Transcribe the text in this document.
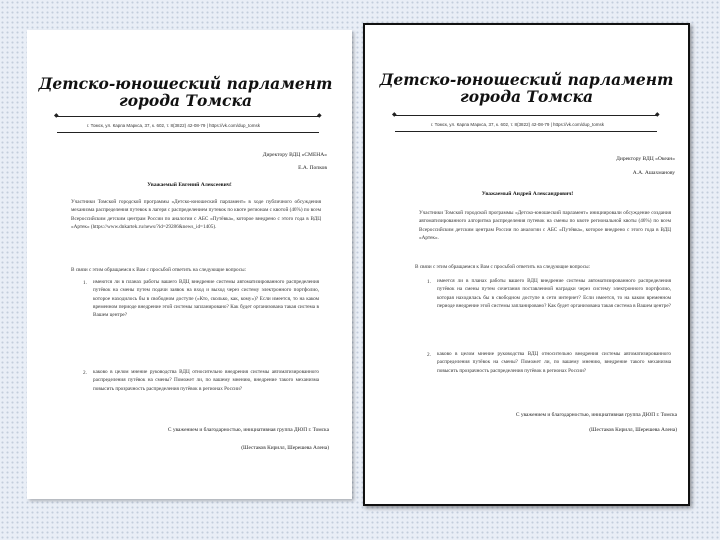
Детско-юношеский парламент города Томска
◆	◆
г. Томск, ул. Карла Маркса, 37, к. 602, т. 8(3822) 42-08-79 | https://vk.com/dup_tomsk
Директору ВДЦ «СМЕНА»
Е.А. Попков
Уважаемый Евгений Алексеевич!
Участники Томской городской программы «Детско-юношеский парламент» в ходе публичного обсуждения механизма распределения путевок в лагеря с распределением путевок по квоте регионам с квотой (46%) по всем Всероссийским детским центрам России по аналогии с АБС «Путёвка», которое внедрено с этого года в ВДЦ «Артек» (https://www.dnkartek.ru/news/?id=29286&news_id=1405).
В связи с этим обращаемся к Вам с просьбой ответить на следующие вопросы:
1. имеются ли в планах работы вашего ВДЦ внедрение системы автоматизированного распределения путёвок на смены путем подачи заявок на вход и выход через систему электронного портфолио, которое находилось бы в свободном доступе («Кто, сколько, как, кому»)? Если имеется, то на каком временном периоде внедрение этой системы запланировано? Как будет организована такая система в Вашем центре?
2. каково в целом мнение руководства ВДЦ относительно внедрения системы автоматизированного распределения путёвок на смены? Поможет ли, по вашему мнению, внедрение такого механизма повысить прозрачность распределения путёвок в регионах России?
С уважением и благодарностью, инициативная группа ДЮП г. Томска
(Шестаков Кирилл, Шерешева Алена)
Детско-юношеский парламент города Томска
◆	◆
г. Томск, ул. Карла Маркса, 37, к. 602, т. 8(3822) 42-08-79 | https://vk.com/dup_tomsk
Директору ВДЦ «Океан»
А.А. Ашахманову
Уважаемый Андрей Александрович!
Участники Томской городской программы «Детско-юношеский парламент» инициировали обсуждение создания автоматизированного алгоритма распределения путевок на смены по квоте региональной квоты (46%) по всем Всероссийским детским центрам России по аналогии с АБС «Путёвка», которое внедрено с этого года в ВДЦ «Артек».
В связи с этим обращаемся к Вам с просьбой ответить на следующие вопросы:
1. имеется ли в планах работы вашего ВДЦ внедрение системы автоматизированного распределения путёвок на смены путем сочетания поставленной наградки через систему электронного портфолио, которая находилась бы в свободном доступе в сети интернет? Если имеется, то на каком временном периоде внедрение этой системы запланировано? Как будет организована такая система в Вашем центре?
2. каково в целом мнение руководства ВДЦ относительно внедрения системы автоматизированного распределения путёвок на смены? Поможет ли, по вашему мнению, внедрение такого механизма повысить прозрачность распределения путёвок в регионах России?
С уважением и благодарностью, инициативная группа ДЮП г. Томска
(Шестаков Кирилл, Шерешева Алена)
